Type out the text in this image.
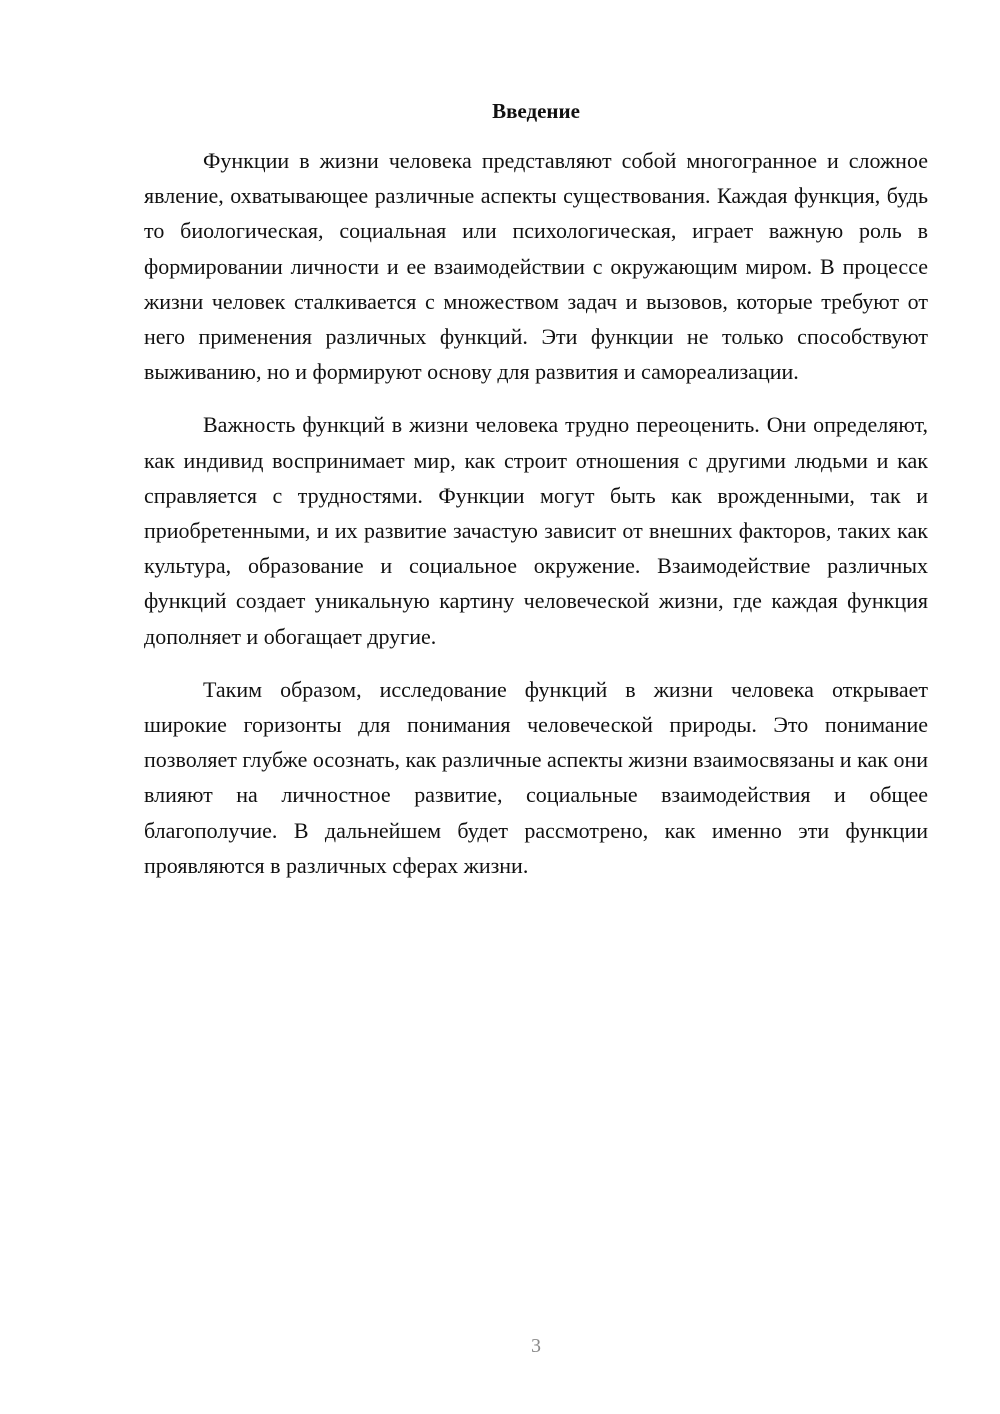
Введение

Функции в жизни человека представляют собой многогранное и сложное явление, охватывающее различные аспекты существования. Каждая функция, будь то биологическая, социальная или психологическая, играет важную роль в формировании личности и ее взаимодействии с окружающим миром. В процессе жизни человек сталкивается с множеством задач и вызовов, которые требуют от него применения различных функций. Эти функции не только способствуют выживанию, но и формируют основу для развития и самореализации.

Важность функций в жизни человека трудно переоценить. Они определяют, как индивид воспринимает мир, как строит отношения с другими людьми и как справляется с трудностями. Функции могут быть как врожденными, так и приобретенными, и их развитие зачастую зависит от внешних факторов, таких как культура, образование и социальное окружение. Взаимодействие различных функций создает уникальную картину человеческой жизни, где каждая функция дополняет и обогащает другие.

Таким образом, исследование функций в жизни человека открывает широкие горизонты для понимания человеческой природы. Это понимание позволяет глубже осознать, как различные аспекты жизни взаимосвязаны и как они влияют на личностное развитие, социальные взаимодействия и общее благополучие. В дальнейшем будет рассмотрено, как именно эти функции проявляются в различных сферах жизни.

3
